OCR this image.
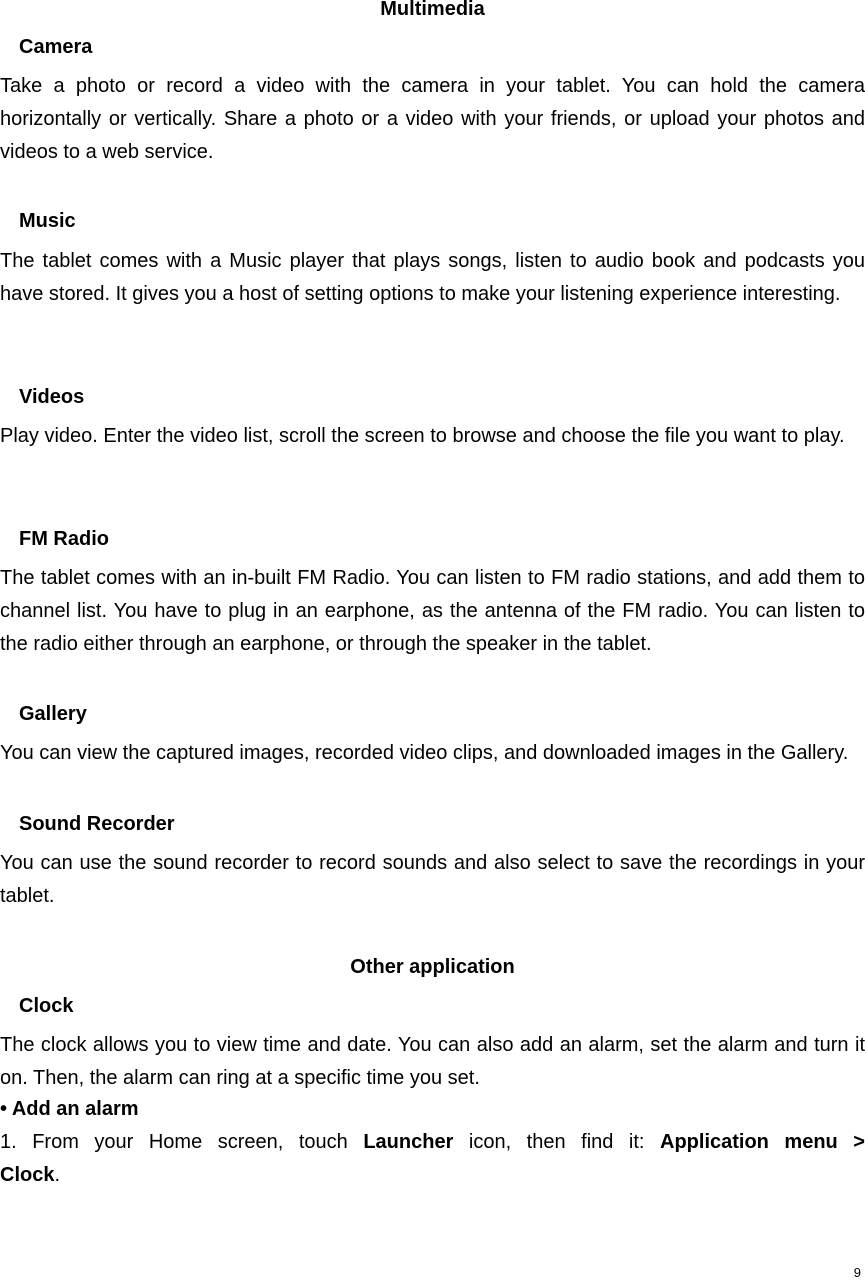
Multimedia
Camera
Take a photo or record a video with the camera in your tablet. You can hold the camera horizontally or vertically. Share a photo or a video with your friends, or upload your photos and videos to a web service.
Music
The tablet comes with a Music player that plays songs, listen to audio book and podcasts you have stored. It gives you a host of setting options to make your listening experience interesting.
Videos
Play video. Enter the video list, scroll the screen to browse and choose the file you want to play.
FM Radio
The tablet comes with an in-built FM Radio. You can listen to FM radio stations, and add them to channel list. You have to plug in an earphone, as the antenna of the FM radio. You can listen to the radio either through an earphone, or through the speaker in the tablet.
Gallery
You can view the captured images, recorded video clips, and downloaded images in the Gallery.
Sound Recorder
You can use the sound recorder to record sounds and also select to save the recordings in your tablet.
Other application
Clock
The clock allows you to view time and date. You can also add an alarm, set the alarm and turn it on. Then, the alarm can ring at a specific time you set.
• Add an alarm
1. From your Home screen, touch Launcher icon, then find it: Application menu >
Clock.
9
